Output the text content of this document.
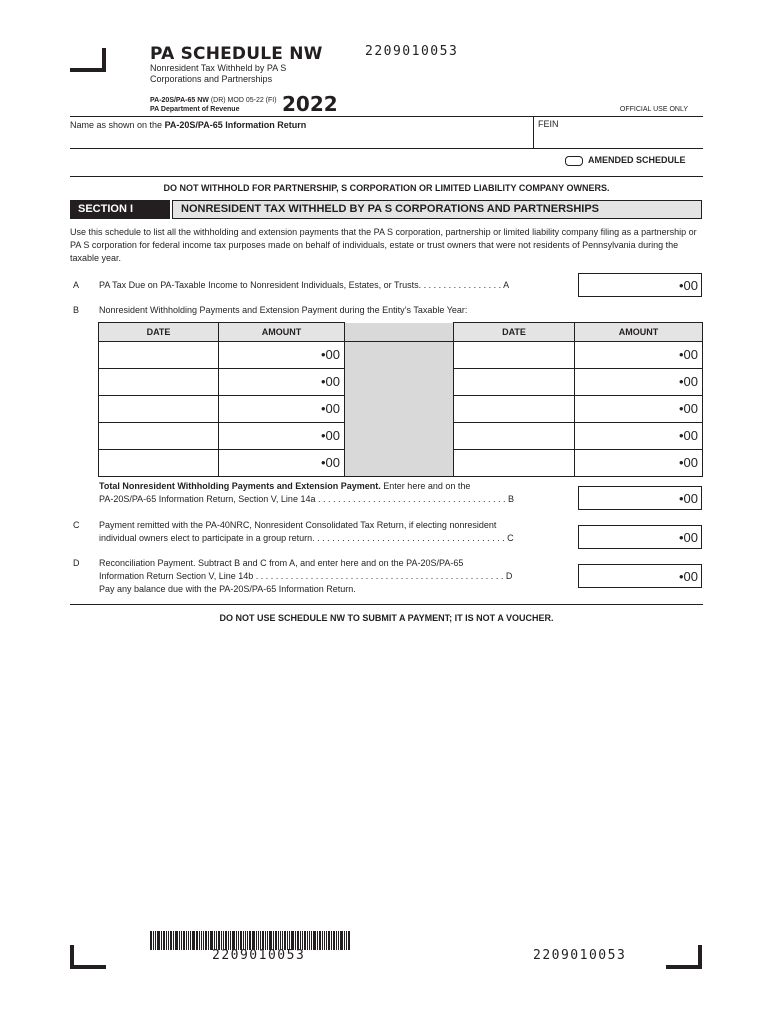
PA SCHEDULE NW
Nonresident Tax Withheld by PA S Corporations and Partnerships
PA-20S/PA-65 NW (DR) MOD 05-22 (FI)
PA Department of Revenue	2022
2209010053
OFFICIAL USE ONLY
Name as shown on the PA-20S/PA-65 Information Return	FEIN
AMENDED SCHEDULE
DO NOT WITHHOLD FOR PARTNERSHIP, S CORPORATION OR LIMITED LIABILITY COMPANY OWNERS.
SECTION I	NONRESIDENT TAX WITHHELD BY PA S CORPORATIONS AND PARTNERSHIPS
Use this schedule to list all the withholding and extension payments that the PA S corporation, partnership or limited liability company filing as a partnership or PA S corporation for federal income tax purposes made on behalf of individuals, estate or trust owners that were not residents of Pennsylvania during the taxable year.
A PA Tax Due on PA-Taxable Income to Nonresident Individuals, Estates, or Trusts. . . . . . . . . . . . . . . . . A	• 00
B Nonresident Withholding Payments and Extension Payment during the Entity’s Taxable Year:
DATE	AMOUNT		DATE	AMOUNT

	• 00			• 00

	• 00			• 00

	• 00			• 00

	• 00			• 00

	• 00			• 00
Total Nonresident Withholding Payments and Extension Payment. Enter here and on the
PA-20S/PA-65 Information Return, Section V, Line 14a . . . . . . . . . . . . . . . . . . . . . . . . . . . . . . . . . . . . . . B	• 00
C Payment remitted with the PA-40NRC, Nonresident Consolidated Tax Return, if electing nonresident
individual owners elect to participate in a group return. . . . . . . . . . . . . . . . . . . . . . . . . . . . . . . . . . . . . . . C	• 00
D Reconciliation Payment. Subtract B and C from A, and enter here and on the PA-20S/PA-65
Information Return Section V, Line 14b . . . . . . . . . . . . . . . . . . . . . . . . . . . . . . . . . . . . . . . . . . . . . . . . . . D
Pay any balance due with the PA-20S/PA-65 Information Return.
• 00
DO NOT USE SCHEDULE NW TO SUBMIT A PAYMENT; IT IS NOT A VOUCHER.
2209010053	2209010053
